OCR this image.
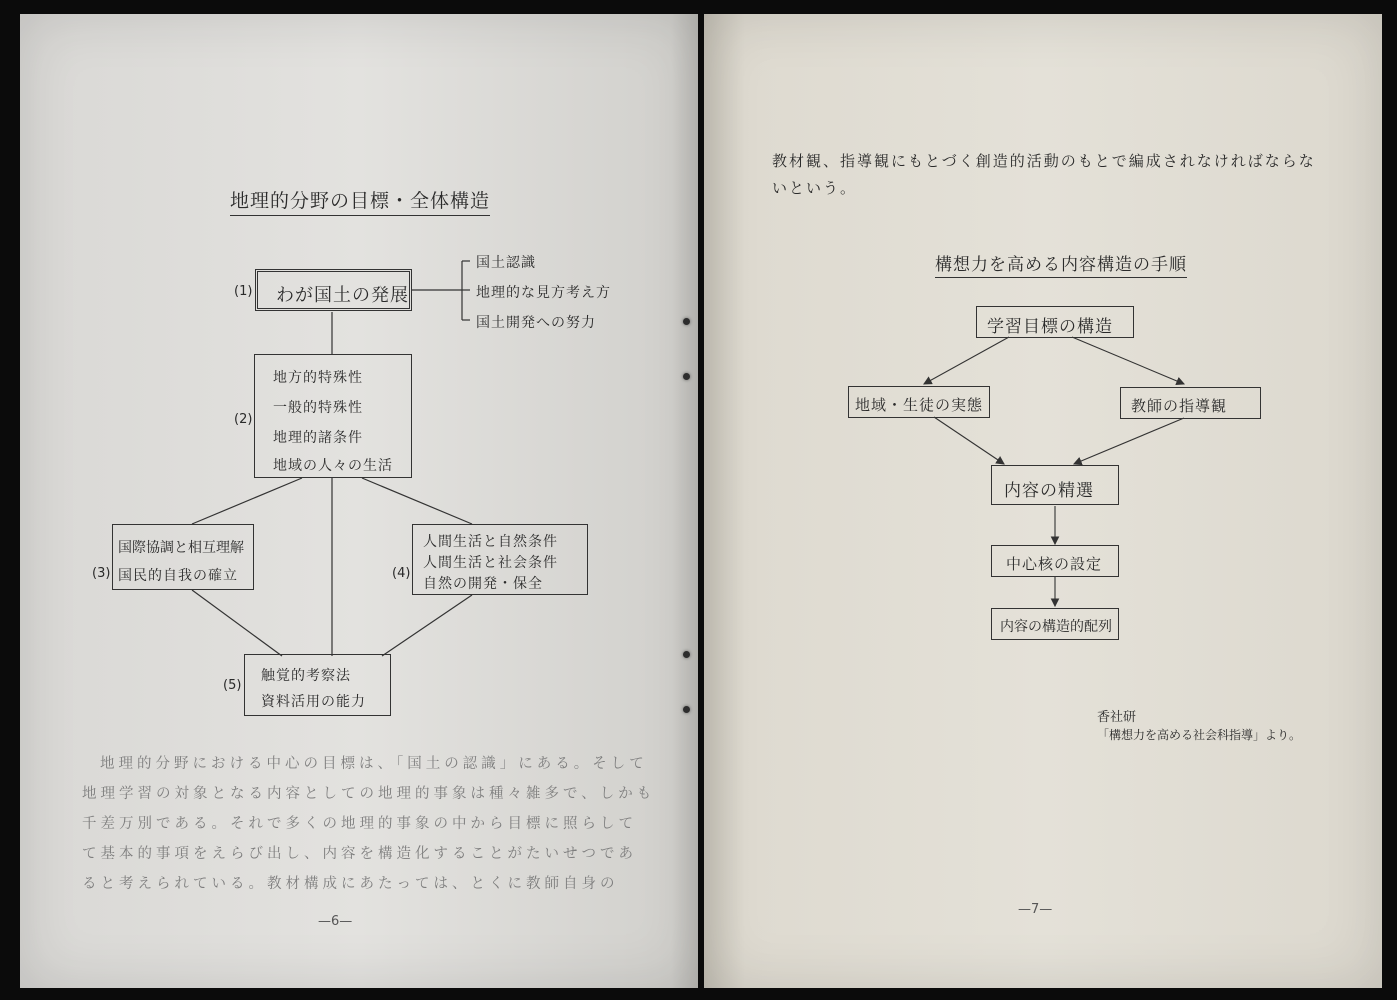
地理的分野の目標・全体構造
(1) わが国土の発展
国土認識
地理的な見方考え方
国土開発への努力
(2)
地方的特殊性
一般的特殊性
地理的諸条件
地域の人々の生活
(3)
国際協調と相互理解
国民的自我の確立	(4)
人間生活と自然条件
人間生活と社会条件
自然の開発・保全
(5)
触覚的考察法
資料活用の能力
地理的分野における中心の目標は、「国土の認識」にある。そして
地理学習の対象となる内容としての地理的事象は種々雑多で、しかも
千差万別である。それで多くの地理的事象の中から目標に照らして
て基本的事項をえらび出し、内容を構造化することがたいせつであ
ると考えられている。教材構成にあたっては、とくに教師自身の
—6—
教材観、指導観にもとづく創造的活動のもとで編成されなければならな
いという。
構想力を高める内容構造の手順
学習目標の構造
地域・生徒の実態	教師の指導観
内容の精選
中心核の設定
内容の構造的配列
香社研
「構想力を高める社会科指導」より。
—7—
